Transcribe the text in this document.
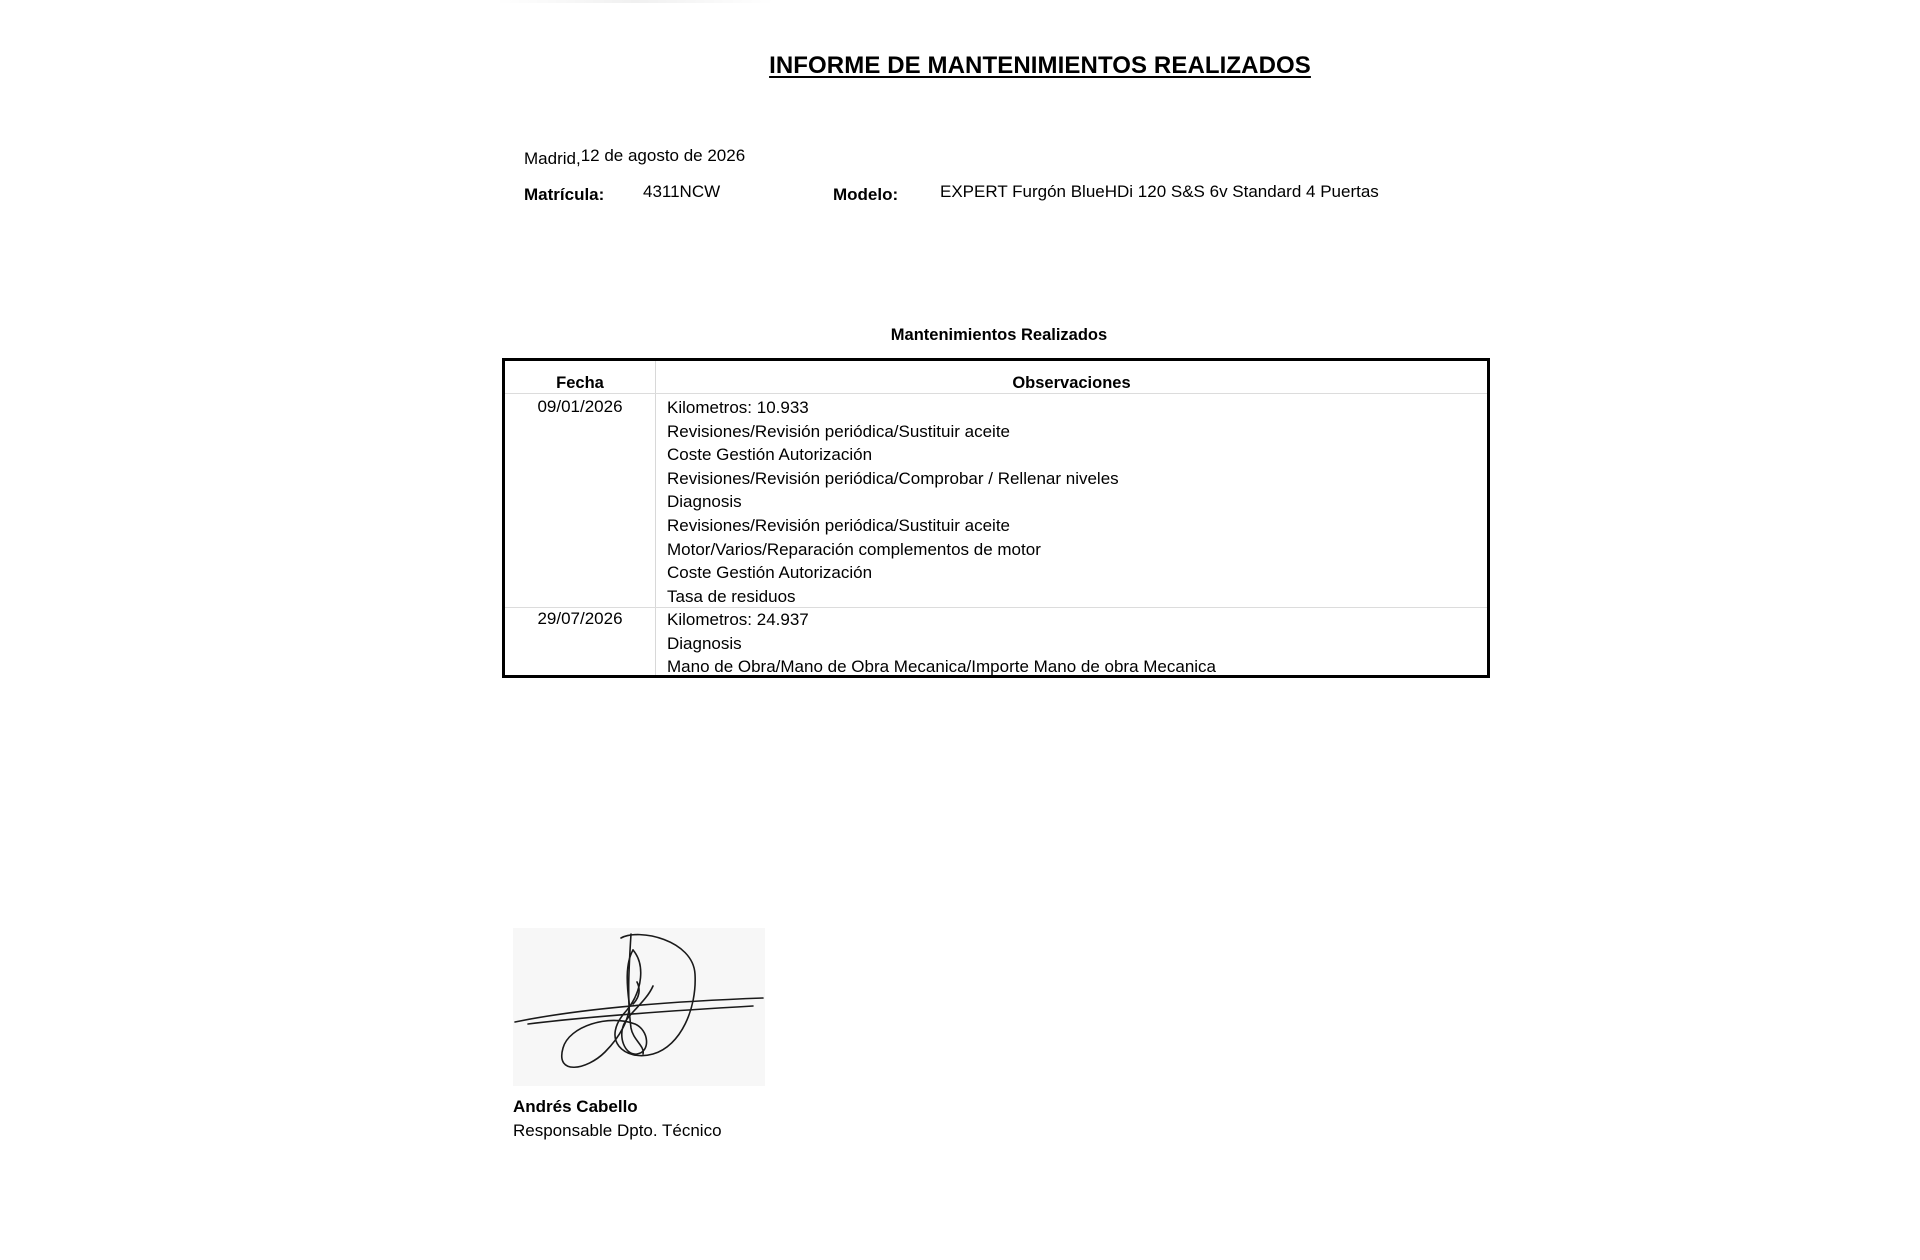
INFORME DE MANTENIMIENTOS REALIZADOS
Madrid,12 de agosto de 2026
Matrícula: 4311NCW	Modelo: EXPERT Furgón BlueHDi 120 S&S 6v Standard 4 Puertas
Mantenimientos Realizados
Fecha	Observaciones
09/01/2026	Kilometros: 10.933
Revisiones/Revisión periódica/Sustituir aceite
Coste Gestión Autorización
Revisiones/Revisión periódica/Comprobar / Rellenar niveles
Diagnosis
Revisiones/Revisión periódica/Sustituir aceite
Motor/Varios/Reparación complementos de motor
Coste Gestión Autorización
Tasa de residuos
29/07/2026	Kilometros: 24.937
Diagnosis
Mano de Obra/Mano de Obra Mecanica/Importe Mano de obra Mecanica
Andrés Cabello
Responsable Dpto. Técnico
